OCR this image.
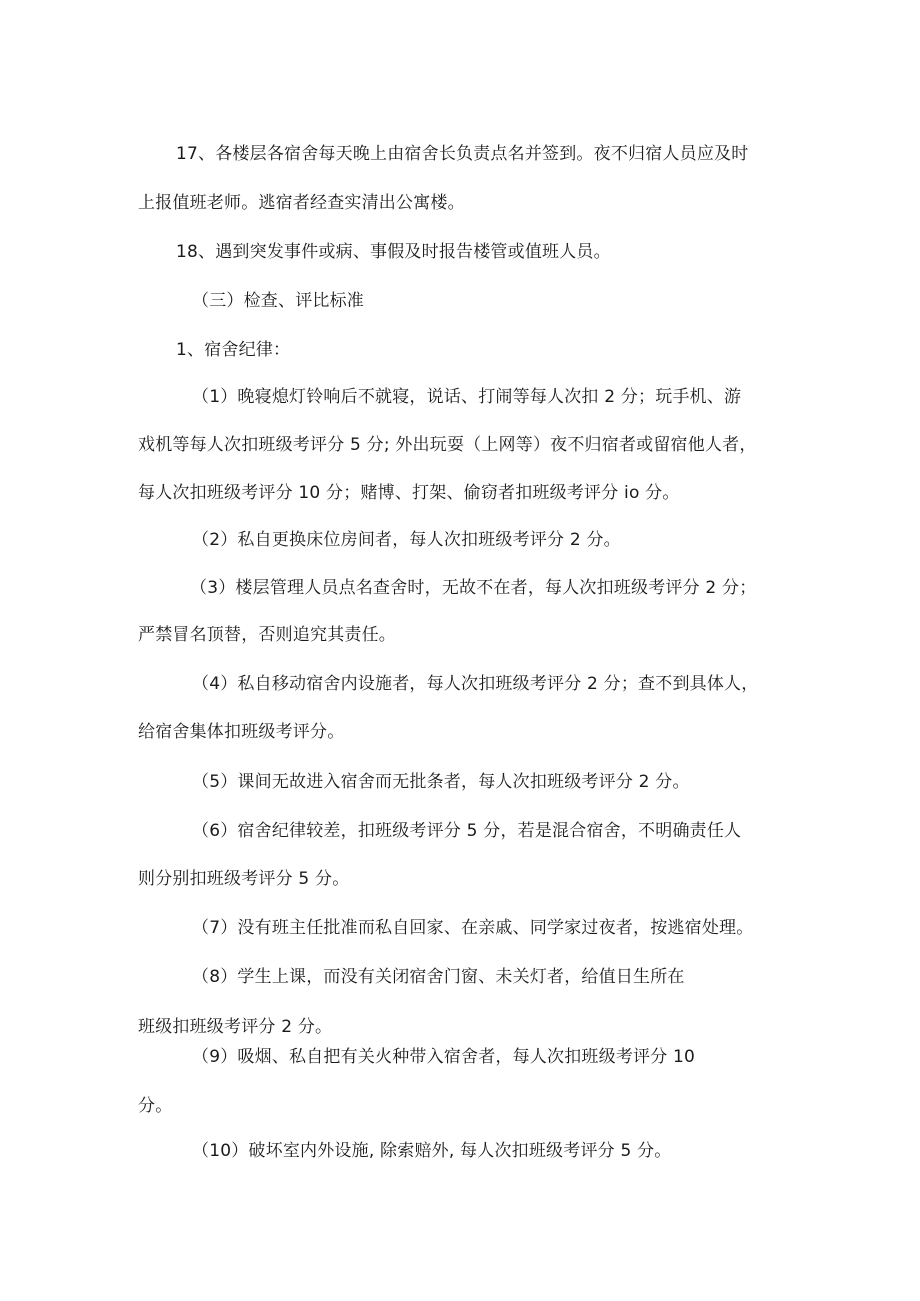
17、各楼层各宿舍每天晚上由宿舍长负责点名并签到。夜不归宿人员应及时
上报值班老师。逃宿者经查实清出公寓楼。
18、遇到突发事件或病、事假及时报告楼管或值班人员。
（三）检查、评比标准
1、宿舍纪律：
（1）晚寝熄灯铃响后不就寝，说话、打闹等每人次扣 2 分；玩手机、游
戏机等每人次扣班级考评分 5 分; 外出玩耍（上网等）夜不归宿者或留宿他人者，
每人次扣班级考评分 10 分；赌博、打架、偷窃者扣班级考评分 io 分。
（2）私自更换床位房间者，每人次扣班级考评分 2 分。
（3）楼层管理人员点名查舍时，无故不在者，每人次扣班级考评分 2 分；
严禁冒名顶替，否则追究其责任。
（4）私自移动宿舍内设施者，每人次扣班级考评分 2 分；查不到具体人，
给宿舍集体扣班级考评分。
（5）课间无故进入宿舍而无批条者，每人次扣班级考评分 2 分。
（6）宿舍纪律较差，扣班级考评分 5 分，若是混合宿舍，不明确责任人
则分别扣班级考评分 5 分。
（7）没有班主任批准而私自回家、在亲戚、同学家过夜者，按逃宿处理。
（8）学生上课，而没有关闭宿舍门窗、未关灯者，给值日生所在
班级扣班级考评分 2 分。
（9）吸烟、私自把有关火种带入宿舍者，每人次扣班级考评分 10
分。
（10）破坏室内外设施, 除索赔外, 每人次扣班级考评分 5 分。
